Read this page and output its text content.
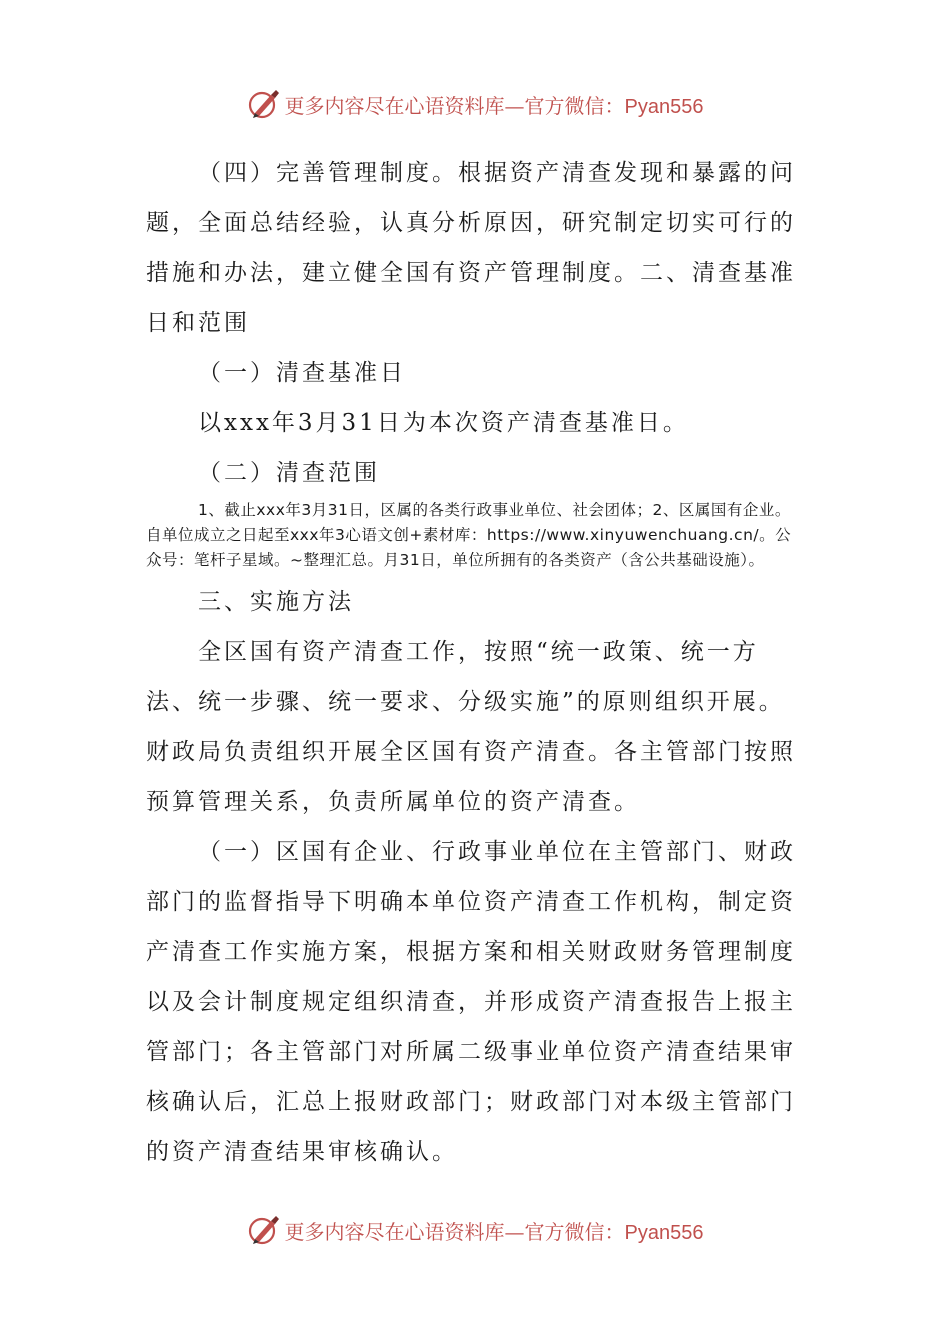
更多内容尽在心语资料库—官方微信：Pyan556

（四）完善管理制度。根据资产清查发现和暴露的问题，全面总结经验，认真分析原因，研究制定切实可行的措施和办法，建立健全国有资产管理制度。二、清查基准日和范围

（一）清查基准日

以xxx年3月31日为本次资产清查基准日。

（二）清查范围

1、截止xxx年3月31日，区属的各类行政事业单位、社会团体；2、区属国有企业。自单位成立之日起至xxx年3心语文创+素材库：https://www.xinyuwenchuang.cn/。公众号：笔杆子星域。~整理汇总。月31日，单位所拥有的各类资产（含公共基础设施）。

三、实施方法

全区国有资产清查工作，按照“统一政策、统一方法、统一步骤、统一要求、分级实施”的原则组织开展。财政局负责组织开展全区国有资产清查。各主管部门按照预算管理关系，负责所属单位的资产清查。

（一）区国有企业、行政事业单位在主管部门、财政部门的监督指导下明确本单位资产清查工作机构，制定资产清查工作实施方案，根据方案和相关财政财务管理制度以及会计制度规定组织清查，并形成资产清查报告上报主管部门；各主管部门对所属二级事业单位资产清查结果审核确认后，汇总上报财政部门；财政部门对本级主管部门的资产清查结果审核确认。

更多内容尽在心语资料库—官方微信：Pyan556
